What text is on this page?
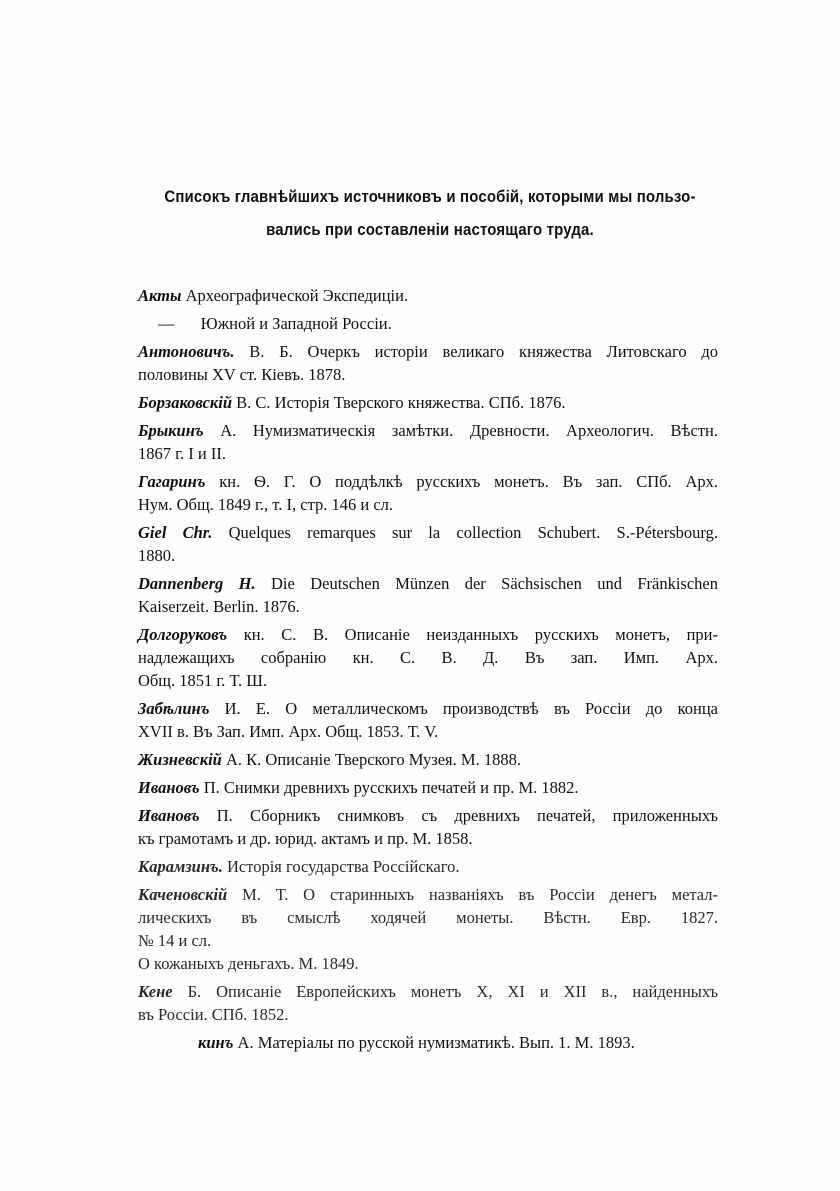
Списокъ главнѣйшихъ источниковъ и пособій, которыми мы пользо-
вались при составленіи настоящаго труда.
Акты Археографической Экспедиціи.
— Южной и Западной Россіи.
Антоновичъ. В. Б. Очеркъ исторіи великаго княжества Литовскаго до
половины XV ст. Кіевъ. 1878.
Борзаковскій В. С. Исторія Тверского княжества. СПб. 1876.
Брыкинъ А. Нумизматическія замѣтки. Древности. Археологич. Вѣстн.
1867 г. I и II.
Гагаринъ кн. Ѳ. Г. О поддѣлкѣ русскихъ монетъ. Въ зап. СПб. Арх.
Нум. Общ. 1849 г., т. I, стр. 146 и сл.
Giel Chr. Quelques remarques sur la collection Schubert. S.-Pétersbourg.
1880.
Dannenberg H. Die Deutschen Münzen der Sächsischen und Fränkischen
Kaiserzeit. Berlin. 1876.
Долгоруковъ кн. С. В. Описаніе неизданныхъ русскихъ монетъ, при-
надлежащихъ собранію кн. С. В. Д. Въ зап. Имп. Арх.
Общ. 1851 г. Т. Ш.
Забѣлинъ И. Е. О металлическомъ производствѣ въ Россіи до конца
XVII в. Въ Зап. Имп. Арх. Общ. 1853. Т. V.
Жизневскій А. К. Описаніе Тверского Музея. М. 1888.
Ивановъ П. Снимки древнихъ русскихъ печатей и пр. М. 1882.
Ивановъ П. Сборникъ снимковъ съ древнихъ печатей, приложенныхъ
къ грамотамъ и др. юрид. актамъ и пр. М. 1858.
Карамзинъ. Исторія государства Россійскаго.
Каченовскій М. Т. О старинныхъ названіяхъ въ Россіи денегъ метал-
лическихъ въ смыслѣ ходячей монеты. Вѣстн. Евр. 1827.
№ 14 и сл.
О кожаныхъ деньгахъ. М. 1849.
Кене Б. Описаніе Европейскихъ монетъ X, XI и XII в., найденныхъ
въ Россіи. СПб. 1852.
кинъ А. Матеріалы по русской нумизматикѣ. Вып. 1. М. 1893.
